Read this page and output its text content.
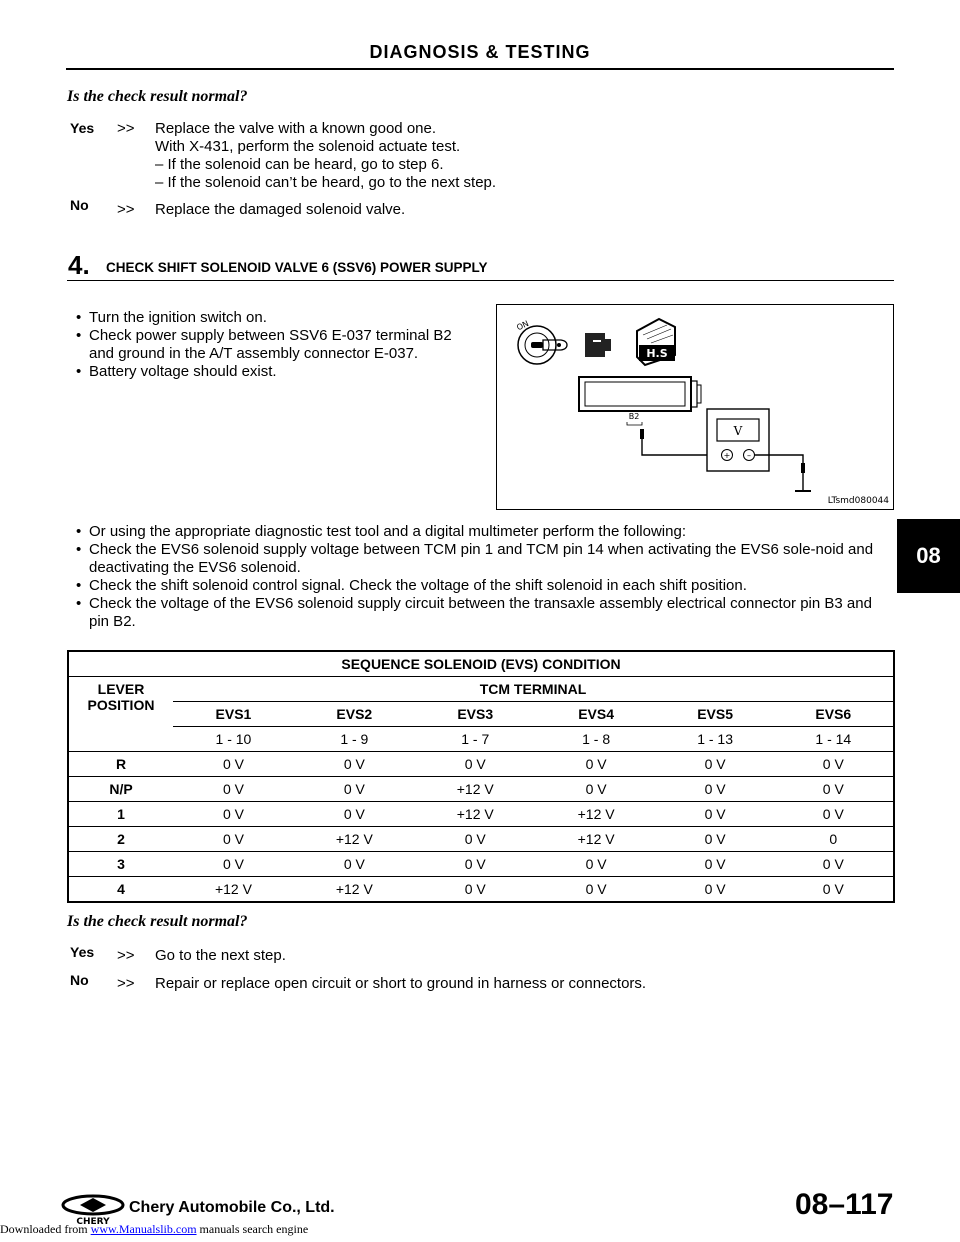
DIAGNOSIS & TESTING
Is the check result normal?
Yes >> Replace the valve with a known good one.
With X-431, perform the solenoid actuate test.
– If the solenoid can be heard, go to step 6.
– If the solenoid can’t be heard, go to the next step.
No >> Replace the damaged solenoid valve.
4. CHECK SHIFT SOLENOID VALVE 6 (SSV6) POWER SUPPLY
• Turn the ignition switch on.
• Check power supply between SSV6 E-037 terminal B2 and ground in the A/T assembly connector E-037.
• Battery voltage should exist.
ON
H.S
B2
V
+ –
LTsmd080044
• Or using the appropriate diagnostic test tool and a digital multimeter perform the following:
• Check the EVS6 solenoid supply voltage between TCM pin 1 and TCM pin 14 when activating the EVS6 sole-noid and deactivating the EVS6 solenoid.
• Check the shift solenoid control signal. Check the voltage of the shift solenoid in each shift position.
• Check the voltage of the EVS6 solenoid supply circuit between the transaxle assembly electrical connector pin B3 and pin B2.
SEQUENCE SOLENOID (EVS) CONDITION						
LEVER POSITION	TCM TERMINAL					
	EVS1	EVS2	EVS3	EVS4	EVS5	EVS6
	1 - 10	1 - 9	1 - 7	1 - 8	1 - 13	1 - 14
R	0 V	0 V	0 V	0 V	0 V	0 V
N/P	0 V	0 V	+12 V	0 V	0 V	0 V
1	0 V	0 V	+12 V	+12 V	0 V	0 V
2	0 V	+12 V	0 V	+12 V	0 V	0
3	0 V	0 V	0 V	0 V	0 V	0 V
4	+12 V	+12 V	0 V	0 V	0 V	0 V
Is the check result normal?
Yes >> Go to the next step.
No >> Repair or replace open circuit or short to ground in harness or connectors.
08
CHERY
Chery Automobile Co., Ltd.	08–117
Downloaded from www.Manualslib.com manuals search engine
